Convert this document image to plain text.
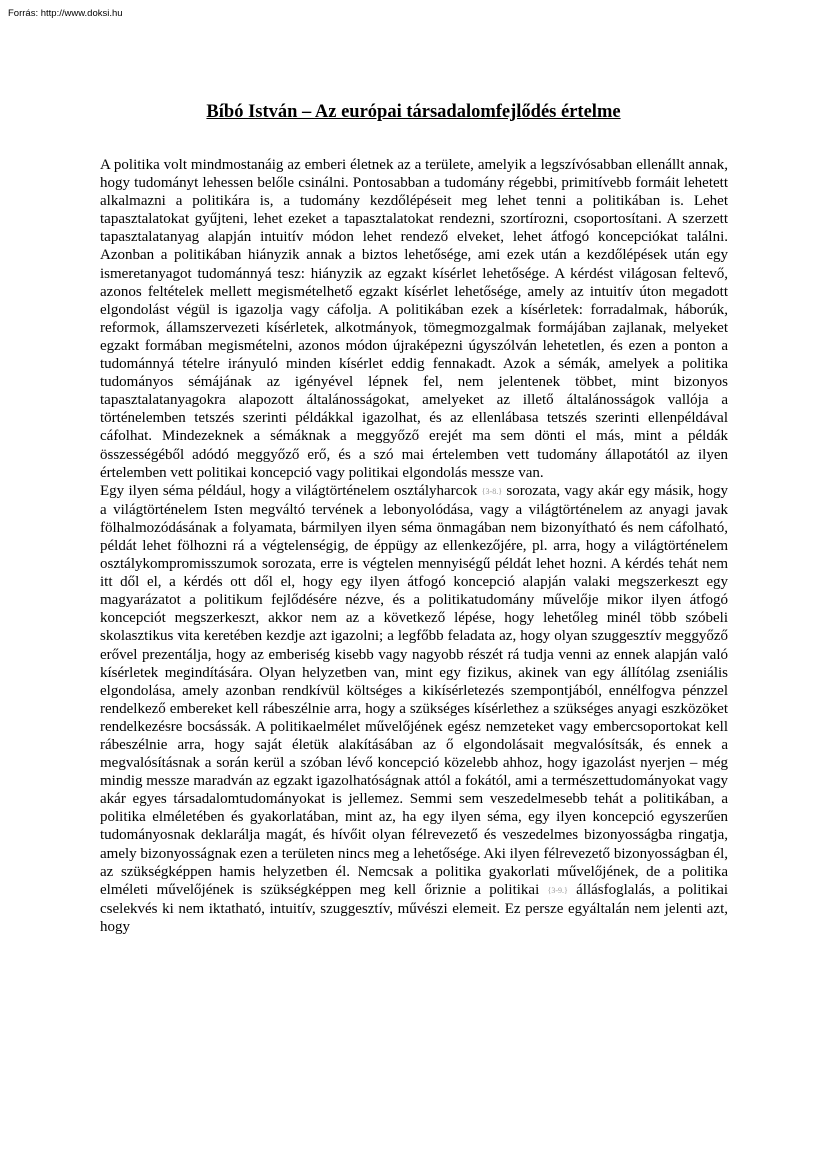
Forrás: http://www.doksi.hu
Bíbó István – Az európai társadalomfejlődés értelme

A politika volt mindmostanáig az emberi életnek az a területe, amelyik a legszívósabban ellenállt annak, hogy tudományt lehessen belőle csinálni. Pontosabban a tudomány régebbi, primitívebb formáit lehetett alkalmazni a politikára is, a tudomány kezdőlépéseit meg lehet tenni a politikában is. Lehet tapasztalatokat gyűjteni, lehet ezeket a tapasztalatokat rendezni, szortírozni, csoportosítani. A szerzett tapasztalatanyag alapján intuitív módon lehet rendező elveket, lehet átfogó koncepciókat találni. Azonban a politikában hiányzik annak a biztos lehetősége, ami ezek után a kezdőlépések után egy ismeretanyagot tudománnyá tesz: hiányzik az egzakt kísérlet lehetősége. A kérdést világosan feltevő, azonos feltételek mellett megismételhető egzakt kísérlet lehetősége, amely az intuitív úton megadott elgondolást végül is igazolja vagy cáfolja. A politikában ezek a kísérletek: forradalmak, háborúk, reformok, államszervezeti kísérletek, alkotmányok, tömegmozgalmak formájában zajlanak, melyeket egzakt formában megismételni, azonos módon újraképezni úgyszólván lehetetlen, és ezen a ponton a tudománnyá tételre irányuló minden kísérlet eddig fennakadt. Azok a sémák, amelyek a politika tudományos sémájának az igényével lépnek fel, nem jelentenek többet, mint bizonyos tapasztalatanyagokra alapozott általánosságokat, amelyeket az illető általánosságok vallója a történelemben tetszés szerinti példákkal igazolhat, és az ellenlábasa tetszés szerinti ellenpéldával cáfolhat. Mindezeknek a sémáknak a meggyőző erejét ma sem dönti el más, mint a példák összességéből adódó meggyőző erő, és a szó mai értelemben vett tudomány állapotától az ilyen értelemben vett politikai koncepció vagy politikai elgondolás messze van.

Egy ilyen séma például, hogy a világtörténelem osztályharcok {3-8.} sorozata, vagy akár egy másik, hogy a világtörténelem Isten megváltó tervének a lebonyolódása, vagy a világtörténelem az anyagi javak fölhalmozódásának a folyamata, bármilyen ilyen séma önmagában nem bizonyítható és nem cáfolható, példát lehet fölhozni rá a végtelenségig, de éppügy az ellenkezőjére, pl. arra, hogy a világtörténelem osztálykompromisszumok sorozata, erre is végtelen mennyiségű példát lehet hozni. A kérdés tehát nem itt dől el, a kérdés ott dől el, hogy egy ilyen átfogó koncepció alapján valaki megszerkeszt egy magyarázatot a politikum fejlődésére nézve, és a politikatudomány művelője mikor ilyen átfogó koncepciót megszerkeszt, akkor nem az a következő lépése, hogy lehetőleg minél több szóbeli skolasztikus vita keretében kezdje azt igazolni; a legfőbb feladata az, hogy olyan szuggesztív meggyőző erővel prezentálja, hogy az emberiség kisebb vagy nagyobb részét rá tudja venni az ennek alapján való kísérletek megindítására. Olyan helyzetben van, mint egy fizikus, akinek van egy állítólag zseniális elgondolása, amely azonban rendkívül költséges a kikísérletezés szempontjából, ennélfogva pénzzel rendelkező embereket kell rábeszélnie arra, hogy a szükséges kísérlethez a szükséges anyagi eszközöket rendelkezésre bocsássák. A politikaelmélet művelőjének egész nemzeteket vagy embercsoportokat kell rábeszélnie arra, hogy saját életük alakításában az ő elgondolásait megvalósítsák, és ennek a megvalósításnak a során kerül a szóban lévő koncepció közelebb ahhoz, hogy igazolást nyerjen – még mindig messze maradván az egzakt igazolhatóságnak attól a fokától, ami a természettudományokat vagy akár egyes társadalomtudományokat is jellemez. Semmi sem veszedelmesebb tehát a politikában, a politika elméletében és gyakorlatában, mint az, ha egy ilyen séma, egy ilyen koncepció egyszerűen tudományosnak deklarálja magát, és hívőit olyan félrevezető és veszedelmes bizonyosságba ringatja, amely bizonyosságnak ezen a területen nincs meg a lehetősége. Aki ilyen félrevezető bizonyosságban él, az szükségképpen hamis helyzetben él. Nemcsak a politika gyakorlati művelőjének, de a politika elméleti művelőjének is szükségképpen meg kell őriznie a politikai {3-9.} állásfoglalás, a politikai cselekvés ki nem iktatható, intuitív, szuggesztív, művészi elemeit. Ez persze egyáltalán nem jelenti azt, hogy
